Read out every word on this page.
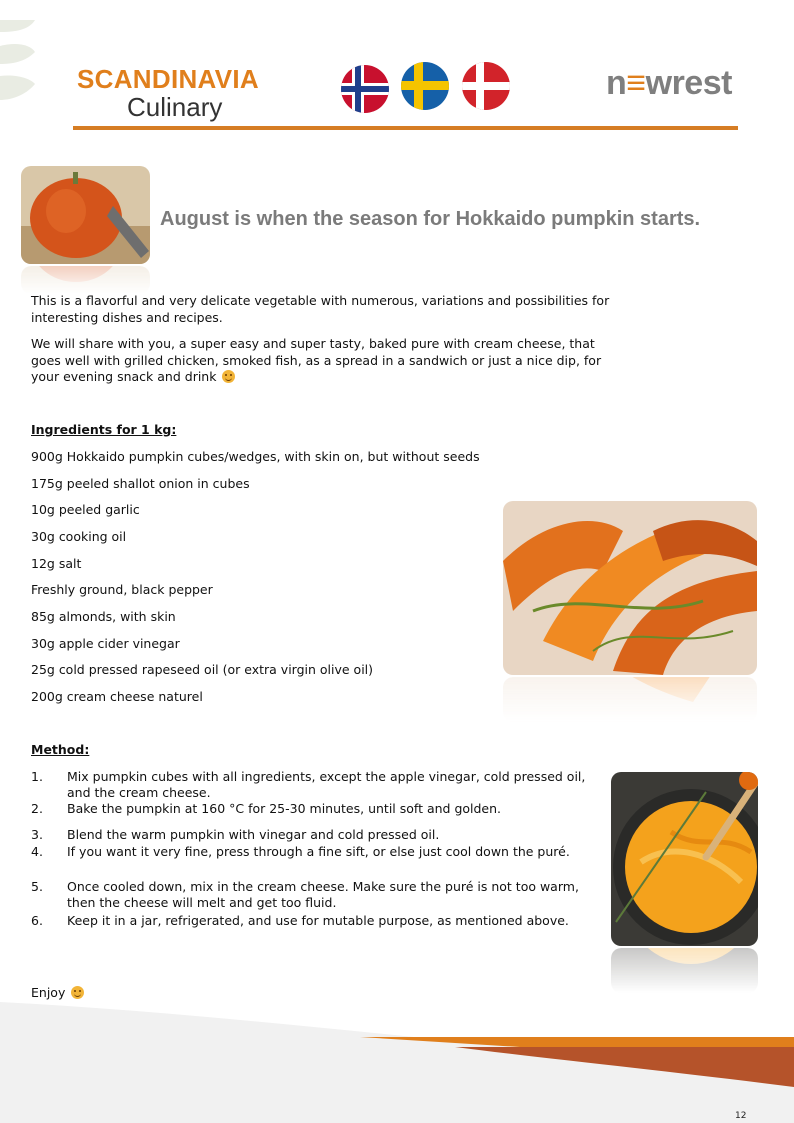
SCANDINAVIA
Culinary
n≡wrest
August is when the season for Hokkaido pumpkin starts.
This is a flavorful and very delicate vegetable with numerous, variations and possibilities for interesting dishes and recipes.
We will share with you, a super easy and super tasty, baked pure with cream cheese, that goes well with grilled chicken, smoked fish, as a spread in a sandwich or just a nice dip, for your evening snack and drink
Ingredients for 1 kg:
900g Hokkaido pumpkin cubes/wedges, with skin on, but without seeds
175g peeled shallot onion in cubes
10g peeled garlic
30g cooking oil
12g salt
Freshly ground, black pepper
85g almonds, with skin
30g apple cider vinegar
25g cold pressed rapeseed oil (or extra virgin olive oil)
200g cream cheese naturel
Method:
1. Mix pumpkin cubes with all ingredients, except the apple vinegar, cold pressed oil, and the cream cheese.
2. Bake the pumpkin at 160 °C for 25-30 minutes, until soft and golden.
3. Blend the warm pumpkin with vinegar and cold pressed oil.
4. If you want it very fine, press through a fine sift, or else just cool down the puré.
5. Once cooled down, mix in the cream cheese. Make sure the puré is not too warm, then the cheese will melt and get too fluid.
6. Keep it in a jar, refrigerated, and use for mutable purpose, as mentioned above.
Enjoy
12
